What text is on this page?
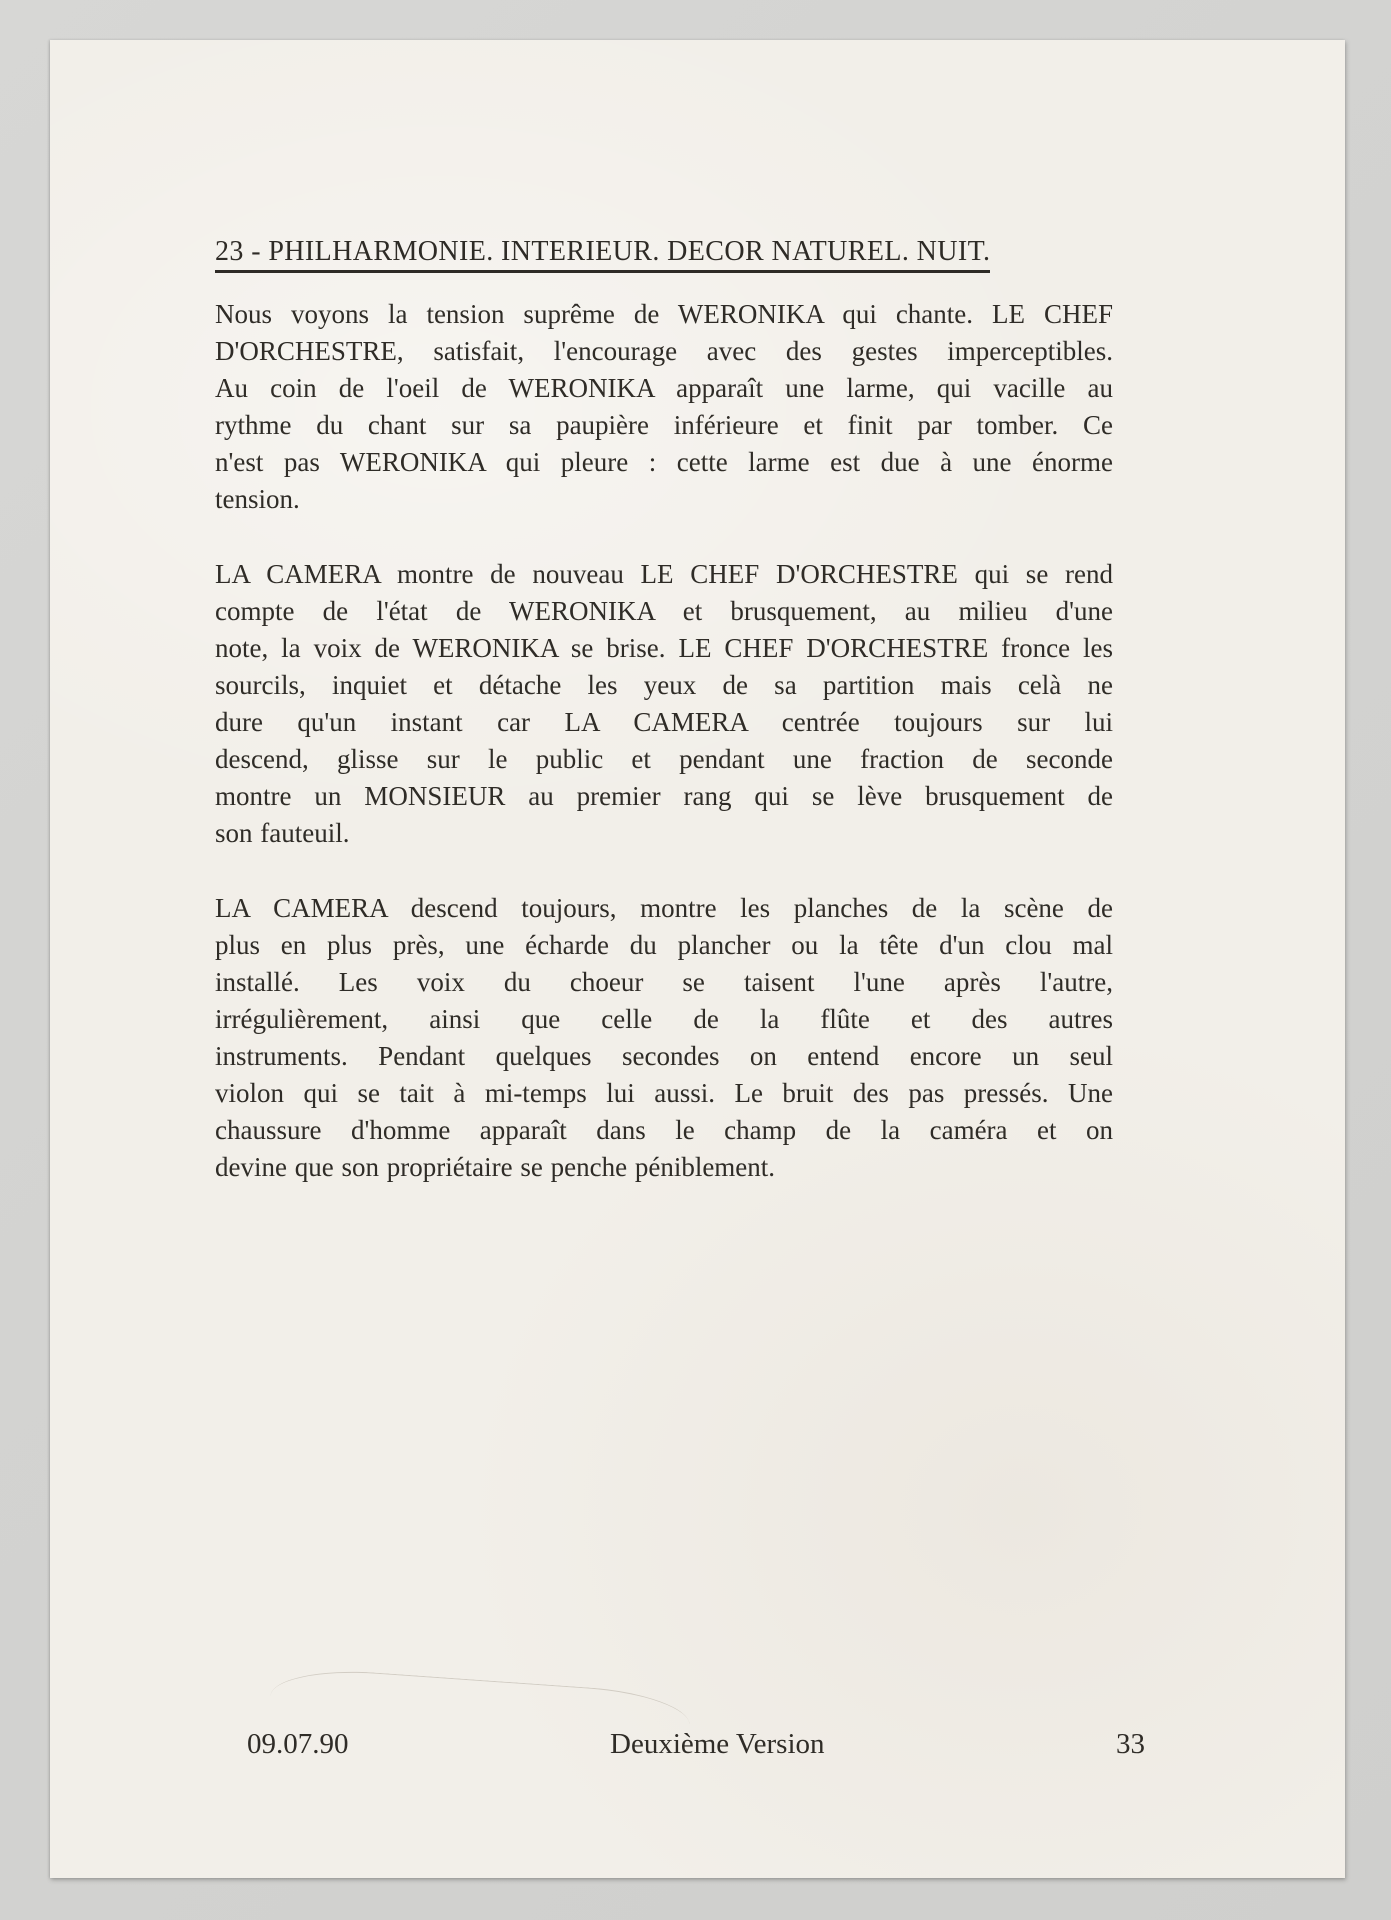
23 - PHILHARMONIE. INTERIEUR. DECOR NATUREL. NUIT.
Nous voyons la tension suprême de WERONIKA qui chante. LE CHEF
D'ORCHESTRE, satisfait, l'encourage avec des gestes imperceptibles.
Au coin de l'oeil de WERONIKA apparaît une larme, qui vacille au
rythme du chant sur sa paupière inférieure et finit par tomber. Ce
n'est pas WERONIKA qui pleure : cette larme est due à une énorme
tension.
LA CAMERA montre de nouveau LE CHEF D'ORCHESTRE qui se rend
compte de l'état de WERONIKA et brusquement, au milieu d'une
note, la voix de WERONIKA se brise. LE CHEF D'ORCHESTRE fronce les
sourcils, inquiet et détache les yeux de sa partition mais celà ne
dure qu'un instant car LA CAMERA centrée toujours sur lui
descend, glisse sur le public et pendant une fraction de seconde
montre un MONSIEUR au premier rang qui se lève brusquement de
son fauteuil.
LA CAMERA descend toujours, montre les planches de la scène de
plus en plus près, une écharde du plancher ou la tête d'un clou mal
installé. Les voix du choeur se taisent l'une après l'autre,
irrégulièrement, ainsi que celle de la flûte et des autres
instruments. Pendant quelques secondes on entend encore un seul
violon qui se tait à mi-temps lui aussi. Le bruit des pas pressés. Une
chaussure d'homme apparaît dans le champ de la caméra et on
devine que son propriétaire se penche péniblement.
09.07.90	Deuxième Version	33
